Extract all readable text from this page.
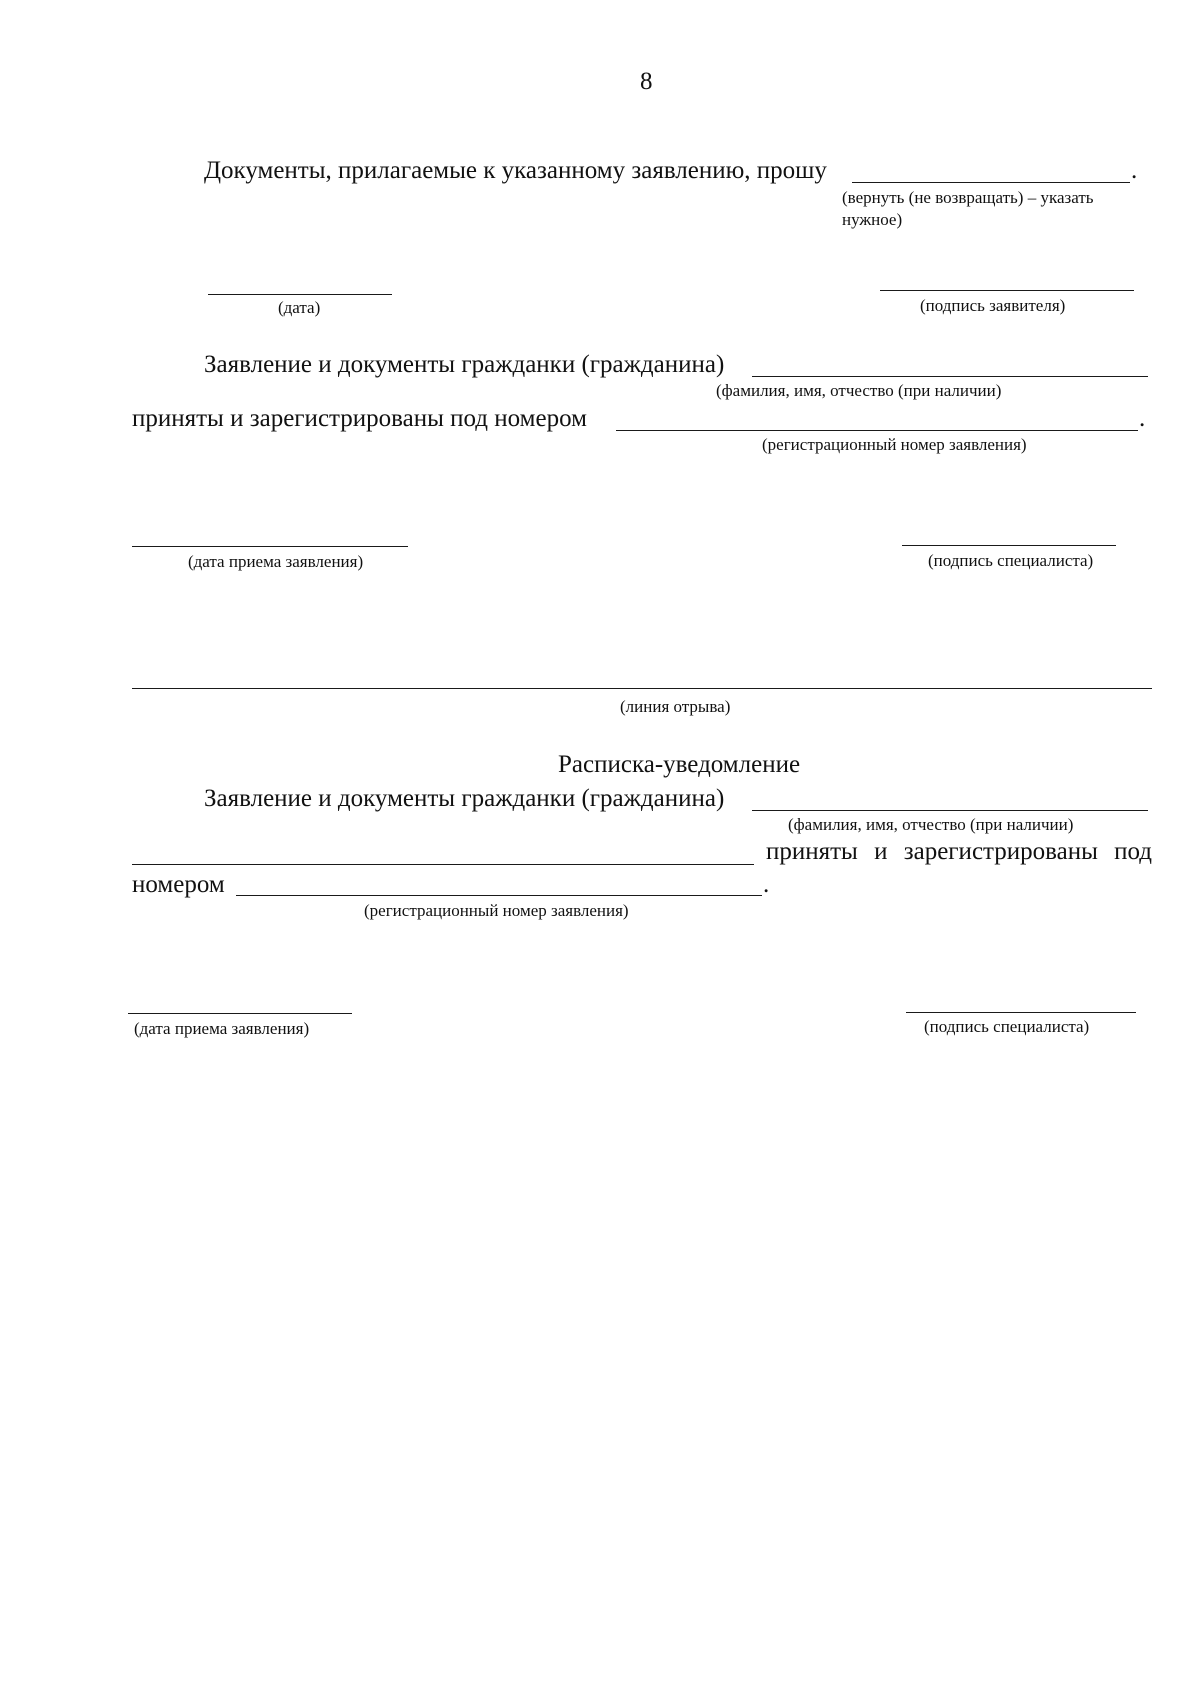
8
Документы, прилагаемые к указанному заявлению, прошу	.
(вернуть (не возвращать) – указать
нужное)
(дата)	(подпись заявителя)
Заявление и документы гражданки (гражданина)
(фамилия, имя, отчество (при наличии)
приняты и зарегистрированы под номером	.
(регистрационный номер заявления)
(дата приема заявления)	(подпись специалиста)
(линия отрыва)
Расписка-уведомление
Заявление и документы гражданки (гражданина)
(фамилия, имя, отчество (при наличии)
приняты и зарегистрированы под
номером	.
(регистрационный номер заявления)
(дата приема заявления)	(подпись специалиста)
